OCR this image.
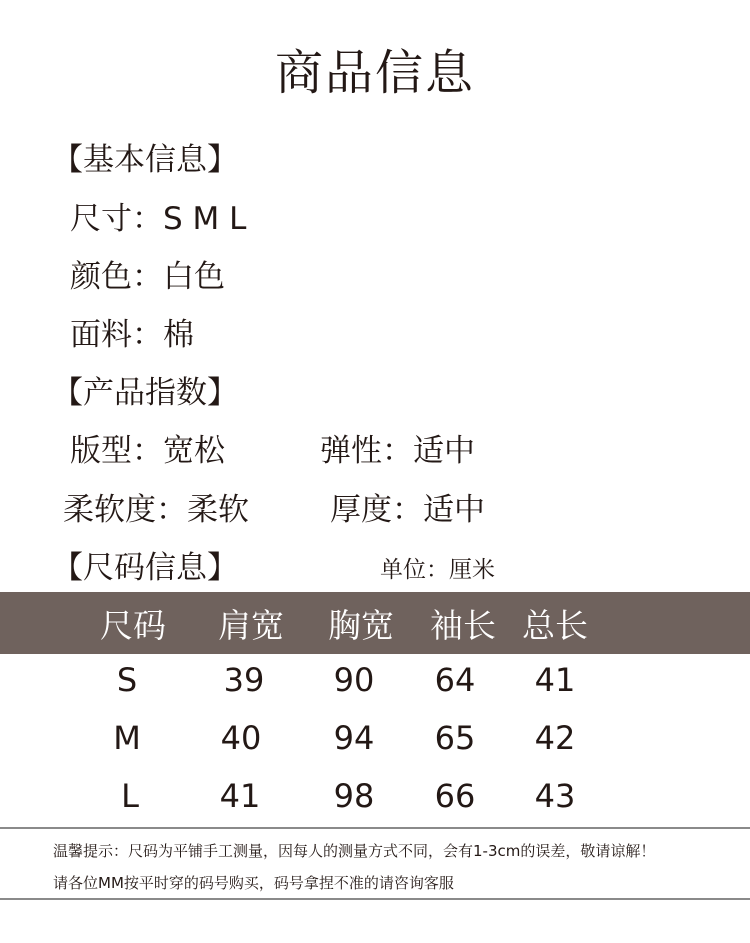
商品信息
【基本信息】
尺寸：S M L
颜色：白色
面料：棉
【产品指数】
版型：宽松	弹性：适中
柔软度：柔软	厚度：适中
【尺码信息】	单位：厘米
尺码 肩宽 胸宽 袖长 总长
S	39	90	64	41
M	40	94	65	42
L	41	98	66	43
温馨提示：尺码为平铺手工测量，因每人的测量方式不同，会有1-3cm的误差，敬请谅解！
请各位MM按平时穿的码号购买，码号拿捏不准的请咨询客服
